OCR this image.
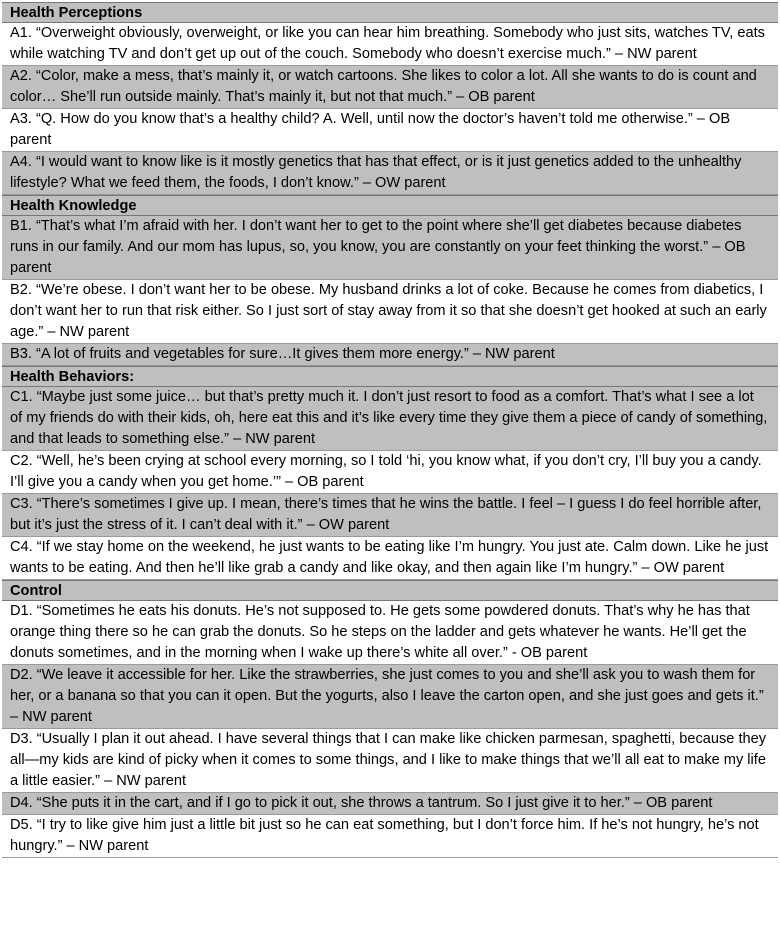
Health Perceptions
A1. “Overweight obviously, overweight, or like you can hear him breathing. Somebody who just sits, watches TV, eats while watching TV and don’t get up out of the couch. Somebody who doesn’t exercise much.” – NW parent
A2. “Color, make a mess, that’s mainly it, or watch cartoons. She likes to color a lot. All she wants to do is count and color… She’ll run outside mainly. That’s mainly it, but not that much.” – OB parent
A3. “Q. How do you know that’s a healthy child? A. Well, until now the doctor’s haven’t told me otherwise.” – OB parent
A4. “I would want to know like is it mostly genetics that has that effect, or is it just genetics added to the unhealthy lifestyle? What we feed them, the foods, I don’t know.” – OW parent
Health Knowledge
B1. “That’s what I’m afraid with her. I don’t want her to get to the point where she’ll get diabetes because diabetes runs in our family. And our mom has lupus, so, you know, you are constantly on your feet thinking the worst.” – OB parent
B2. “We’re obese. I don’t want her to be obese. My husband drinks a lot of coke. Because he comes from diabetics, I don’t want her to run that risk either. So I just sort of stay away from it so that she doesn’t get hooked at such an early age.” – NW parent
B3. “A lot of fruits and vegetables for sure…It gives them more energy.” – NW parent
Health Behaviors:
C1. “Maybe just some juice… but that’s pretty much it. I don’t just resort to food as a comfort. That’s what I see a lot of my friends do with their kids, oh, here eat this and it’s like every time they give them a piece of candy of something, and that leads to something else.” – NW parent
C2. “Well, he’s been crying at school every morning, so I told ‘hi, you know what, if you don’t cry, I’ll buy you a candy. I’ll give you a candy when you get home.’” – OB parent
C3. “There’s sometimes I give up. I mean, there’s times that he wins the battle. I feel – I guess I do feel horrible after, but it’s just the stress of it. I can’t deal with it.” – OW parent
C4. “If we stay home on the weekend, he just wants to be eating like I’m hungry. You just ate. Calm down. Like he just wants to be eating. And then he’ll like grab a candy and like okay, and then again like I’m hungry.” – OW parent
Control
D1. “Sometimes he eats his donuts. He’s not supposed to. He gets some powdered donuts. That’s why he has that orange thing there so he can grab the donuts. So he steps on the ladder and gets whatever he wants. He’ll get the donuts sometimes, and in the morning when I wake up there’s white all over.” - OB parent
D2. “We leave it accessible for her. Like the strawberries, she just comes to you and she’ll ask you to wash them for her, or a banana so that you can it open. But the yogurts, also I leave the carton open, and she just goes and gets it.” – NW parent
D3. “Usually I plan it out ahead. I have several things that I can make like chicken parmesan, spaghetti, because they all—my kids are kind of picky when it comes to some things, and I like to make things that we’ll all eat to make my life a little easier.” – NW parent
D4. “She puts it in the cart, and if I go to pick it out, she throws a tantrum. So I just give it to her.” – OB parent
D5. “I try to like give him just a little bit just so he can eat something, but I don’t force him. If he’s not hungry, he’s not hungry.” – NW parent
